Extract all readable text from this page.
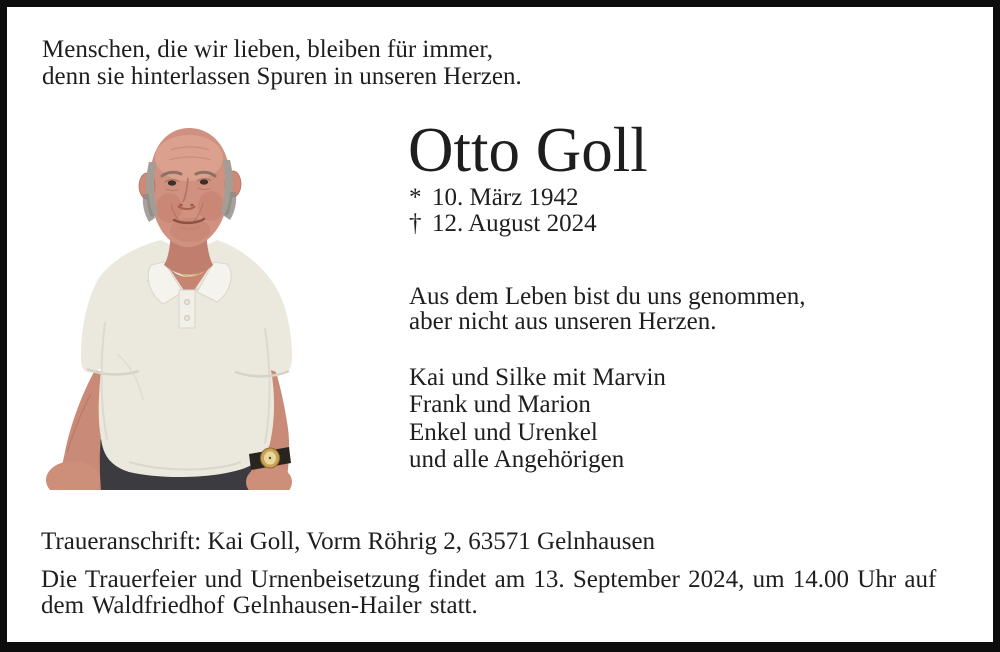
Menschen, die wir lieben, bleiben für immer,
denn sie hinterlassen Spuren in unseren Herzen.
Otto Goll
* 10. März 1942
† 12. August 2024
Aus dem Leben bist du uns genommen,
aber nicht aus unseren Herzen.
Kai und Silke mit Marvin
Frank und Marion
Enkel und Urenkel
und alle Angehörigen
Traueranschrift: Kai Goll, Vorm Röhrig 2, 63571 Gelnhausen
Die Trauerfeier und Urnenbeisetzung findet am 13. September 2024, um 14.00 Uhr auf
dem Waldfriedhof Gelnhausen-Hailer statt.
